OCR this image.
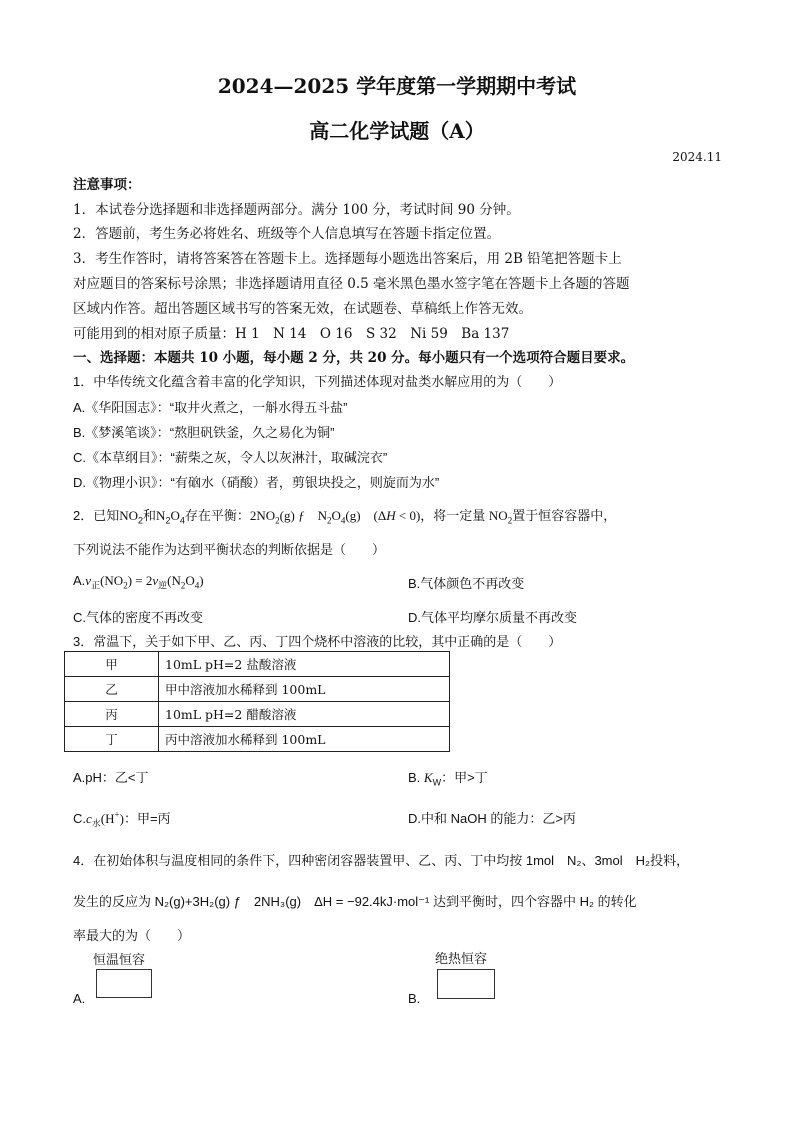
2024—2025 学年度第一学期期中考试
高二化学试题（A）
2024.11
注意事项：
1．本试卷分选择题和非选择题两部分。满分 100 分，考试时间 90 分钟。
2．答题前，考生务必将姓名、班级等个人信息填写在答题卡指定位置。
3．考生作答时，请将答案答在答题卡上。选择题每小题选出答案后，用 2B 铅笔把答题卡上
对应题目的答案标号涂黑；非选择题请用直径 0.5 毫米黑色墨水签字笔在答题卡上各题的答题
区域内作答。超出答题区域书写的答案无效，在试题卷、草稿纸上作答无效。
可能用到的相对原子质量：H 1　N 14　O 16　S 32　Ni 59　Ba 137
一、选择题：本题共 10 小题，每小题 2 分，共 20 分。每小题只有一个选项符合题目要求。
1．中华传统文化蕴含着丰富的化学知识，下列描述体现对盐类水解应用的为（　　）
A.《华阳国志》：“取井火煮之，一斛水得五斗盐”
B.《梦溪笔谈》：“熬胆矾铁釜，久之易化为铜”
C.《本草纲目》：“薪柴之灰，令人以灰淋汁，取碱浣衣”
D.《物理小识》：“有硇水（硝酸）者，剪银块投之，则旋而为水”
2．已知$NO_2$和$N_2O_4$存在平衡：$2NO_2(g)$ ƒ　$N_2O_4(g)$　(ΔH < 0)，将一定量 $NO_2$置于恒容容器中，
下列说法不能作为达到平衡状态的判断依据是（　　）
$A.v_正(NO_2) = 2v_逆(N_2O_4)$	B.气体颜色不再改变
C.气体的密度不再改变	D.气体平均摩尔质量不再改变
3．常温下，关于如下甲、乙、丙、丁四个烧杯中溶液的比较，其中正确的是（　　）
甲	10mL pH=2 盐酸溶液
乙	甲中溶液加水稀释到 100mL
丙	10mL pH=2 醋酸溶液
丁	丙中溶液加水稀释到 100mL
A.pH：乙<丁	B. $K_W$：甲>丁
$C.c_水(H^+)$：甲=丙	D.中和 NaOH 的能力：乙>丙
4．在初始体积与温度相同的条件下，四种密闭容器装置甲、乙、丙、丁中均按 1mol　N₂、3mol　H₂投料，
发生的反应为 N₂(g)+3H₂(g) ƒ　2NH₃(g)　ΔH = −92.4kJ·mol⁻¹ 达到平衡时，四个容器中 H₂ 的转化
率最大的为（　　）
恒温恒容
A.
绝热恒容
B.
